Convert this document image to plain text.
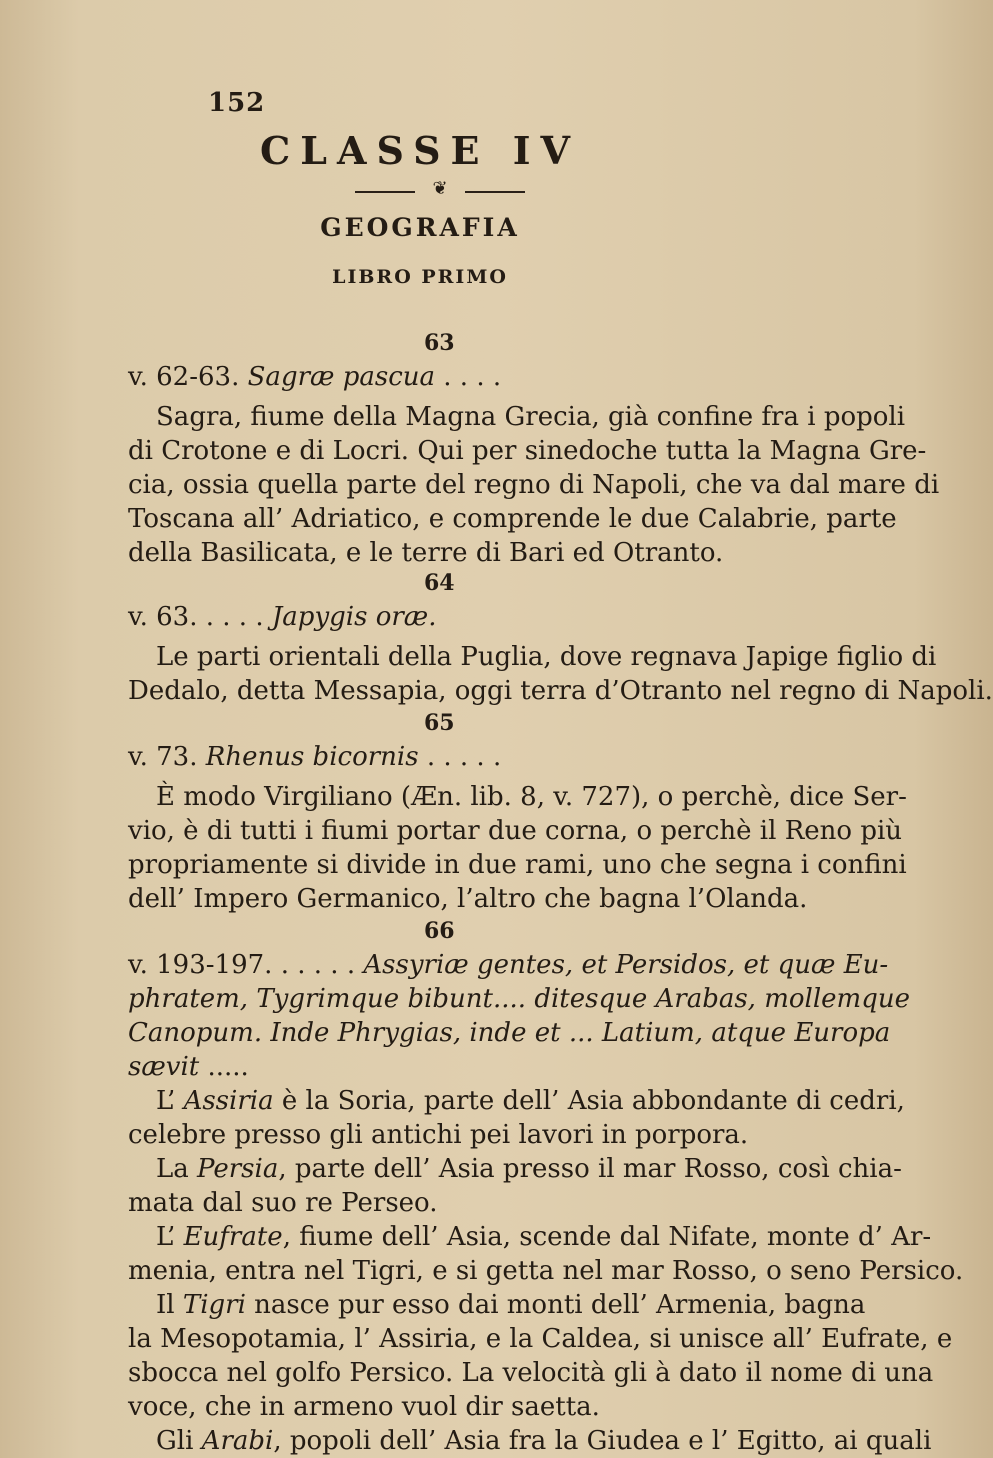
152
CLASSE IV
❦
GEOGRAFIA
LIBRO PRIMO
63
v. 62-63. Sagræ pascua . . . .
Sagra, fiume della Magna Grecia, già confine fra i popoli
di Crotone e di Locri. Qui per sinedoche tutta la Magna Gre-
cia, ossia quella parte del regno di Napoli, che va dal mare di
Toscana all’ Adriatico, e comprende le due Calabrie, parte
della Basilicata, e le terre di Bari ed Otranto.
64
v. 63. . . . . Japygis oræ.
Le parti orientali della Puglia, dove regnava Japige figlio di
Dedalo, detta Messapia, oggi terra d’Otranto nel regno di Napoli.
65
v. 73. Rhenus bicornis . . . . .
È modo Virgiliano (Æn. lib. 8, v. 727), o perchè, dice Ser-
vio, è di tutti i fiumi portar due corna, o perchè il Reno più
propriamente si divide in due rami, uno che segna i confini
dell’ Impero Germanico, l’altro che bagna l’Olanda.
66
v. 193-197. . . . . . Assyriæ gentes, et Persidos, et quæ Eu-
phratem, Tygrimque bibunt.... ditesque Arabas, mollemque
Canopum. Inde Phrygias, inde et ... Latium, atque Europa
sævit .....
L’ Assiria è la Soria, parte dell’ Asia abbondante di cedri,
celebre presso gli antichi pei lavori in porpora.
La Persia, parte dell’ Asia presso il mar Rosso, così chia-
mata dal suo re Perseo.
L’ Eufrate, fiume dell’ Asia, scende dal Nifate, monte d’ Ar-
menia, entra nel Tigri, e si getta nel mar Rosso, o seno Persico.
Il Tigri nasce pur esso dai monti dell’ Armenia, bagna
la Mesopotamia, l’ Assiria, e la Caldea, si unisce all’ Eufrate, e
sbocca nel golfo Persico. La velocità gli à dato il nome di una
voce, che in armeno vuol dir saetta.
Gli Arabi, popoli dell’ Asia fra la Giudea e l’ Egitto, ai quali
